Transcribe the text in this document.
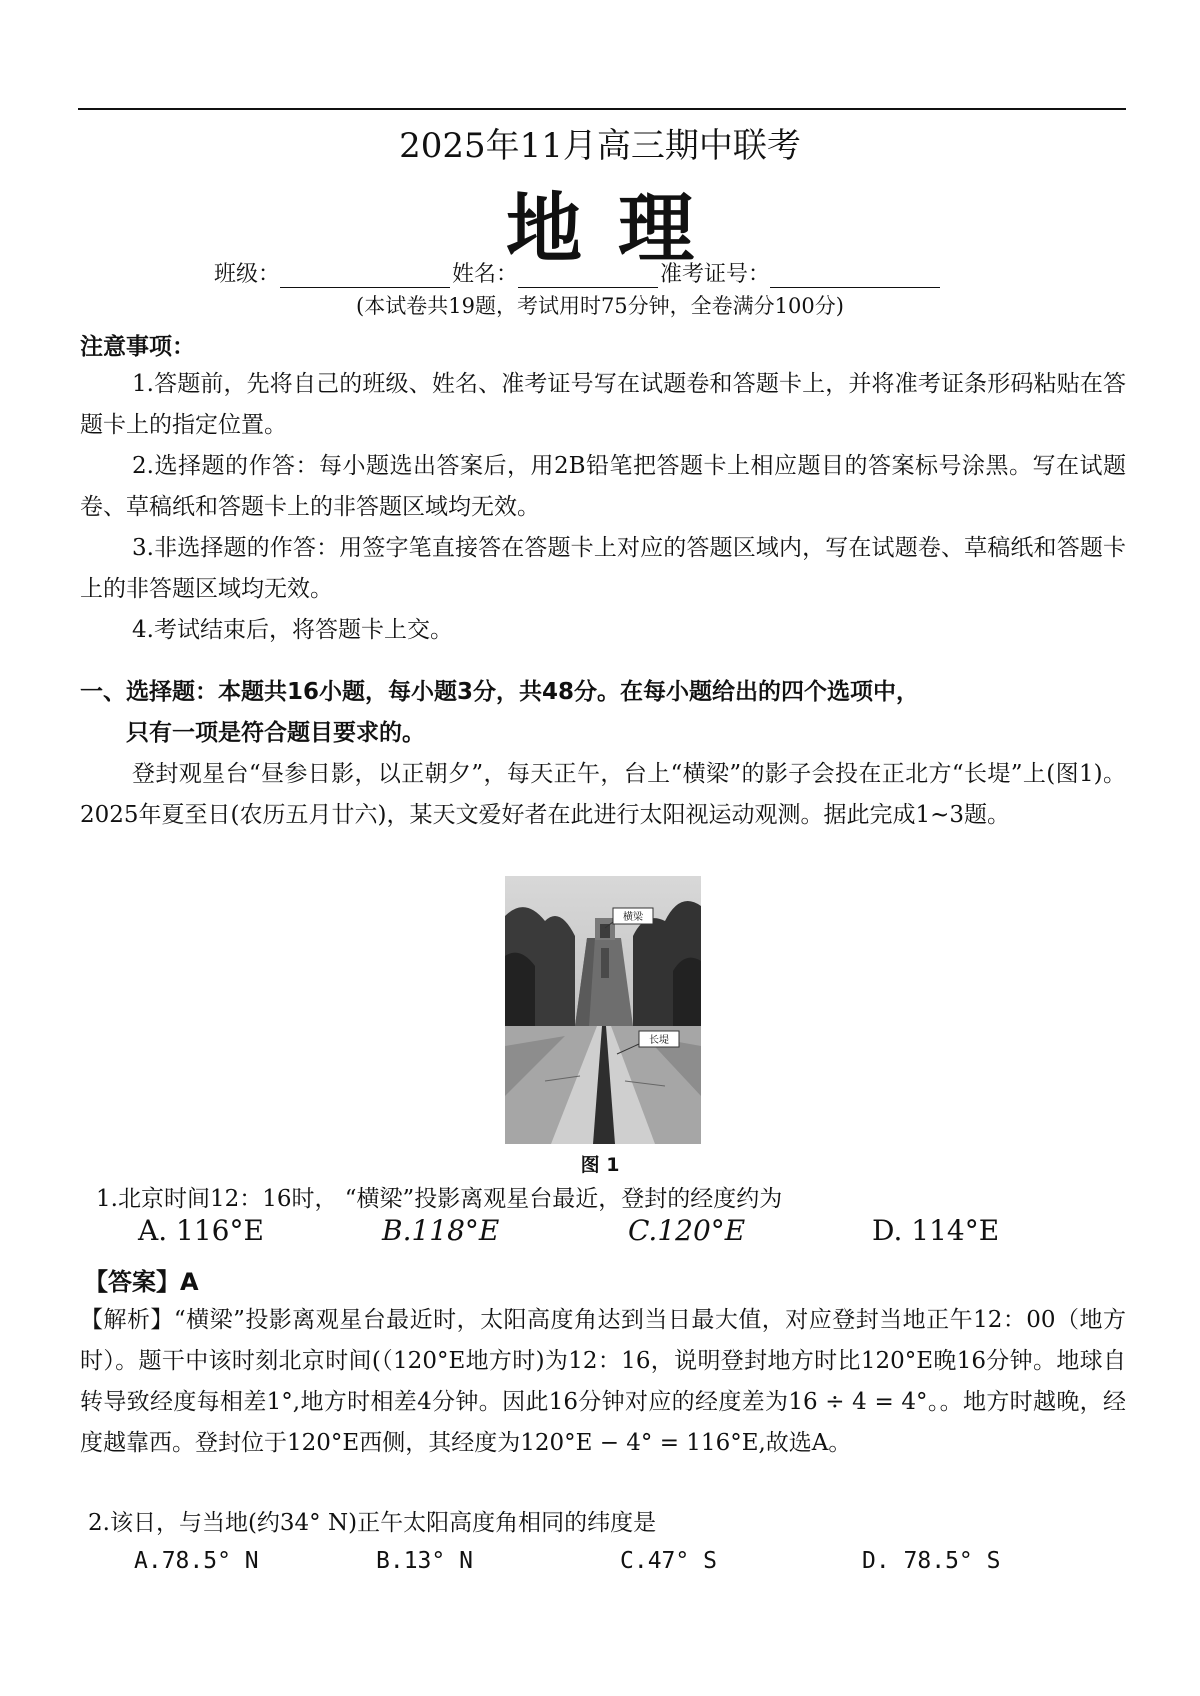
2025年11月高三期中联考
地理
班级：	姓名：	准考证号：
(本试卷共19题，考试用时75分钟，全卷满分100分)
注意事项：
1.答题前，先将自己的班级、姓名、准考证号写在试题卷和答题卡上，并将准考证条形码粘贴在答题卡上的指定位置。
2.选择题的作答：每小题选出答案后，用2B铅笔把答题卡上相应题目的答案标号涂黑。写在试题卷、草稿纸和答题卡上的非答题区域均无效。
3.非选择题的作答：用签字笔直接答在答题卡上对应的答题区域内，写在试题卷、草稿纸和答题卡上的非答题区域均无效。
4.考试结束后，将答题卡上交。
一、选择题：本题共16小题，每小题3分，共48分。在每小题给出的四个选项中，
只有一项是符合题目要求的。
登封观星台“昼参日影，以正朝夕”，每天正午，台上“横梁”的影子会投在正北方“长堤”上(图1)。2025年夏至日(农历五月廿六)，某天文爱好者在此进行太阳视运动观测。据此完成1~3题。
横梁
长堤
图 1
1.北京时间12：16时， “横梁”投影离观星台最近，登封的经度约为
A. 116°E	B.118°E	C.120°E	D. 114°E
【答案】A
【解析】“横梁”投影离观星台最近时，太阳高度角达到当日最大值，对应登封当地正午12：00（地方时）。题干中该时刻北京时间(（120°E地方时)为12：16，说明登封地方时比120°E晚16分钟。地球自转导致经度每相差1°,地方时相差4分钟。因此16分钟对应的经度差为16 ÷ 4 = 4°。。地方时越晚，经度越靠西。登封位于120°E西侧，其经度为120°E − 4° = 116°E,故选A。
2.该日，与当地(约34° N)正午太阳高度角相同的纬度是
A.78.5° N	B.13° N	C.47° S	D. 78.5° S
